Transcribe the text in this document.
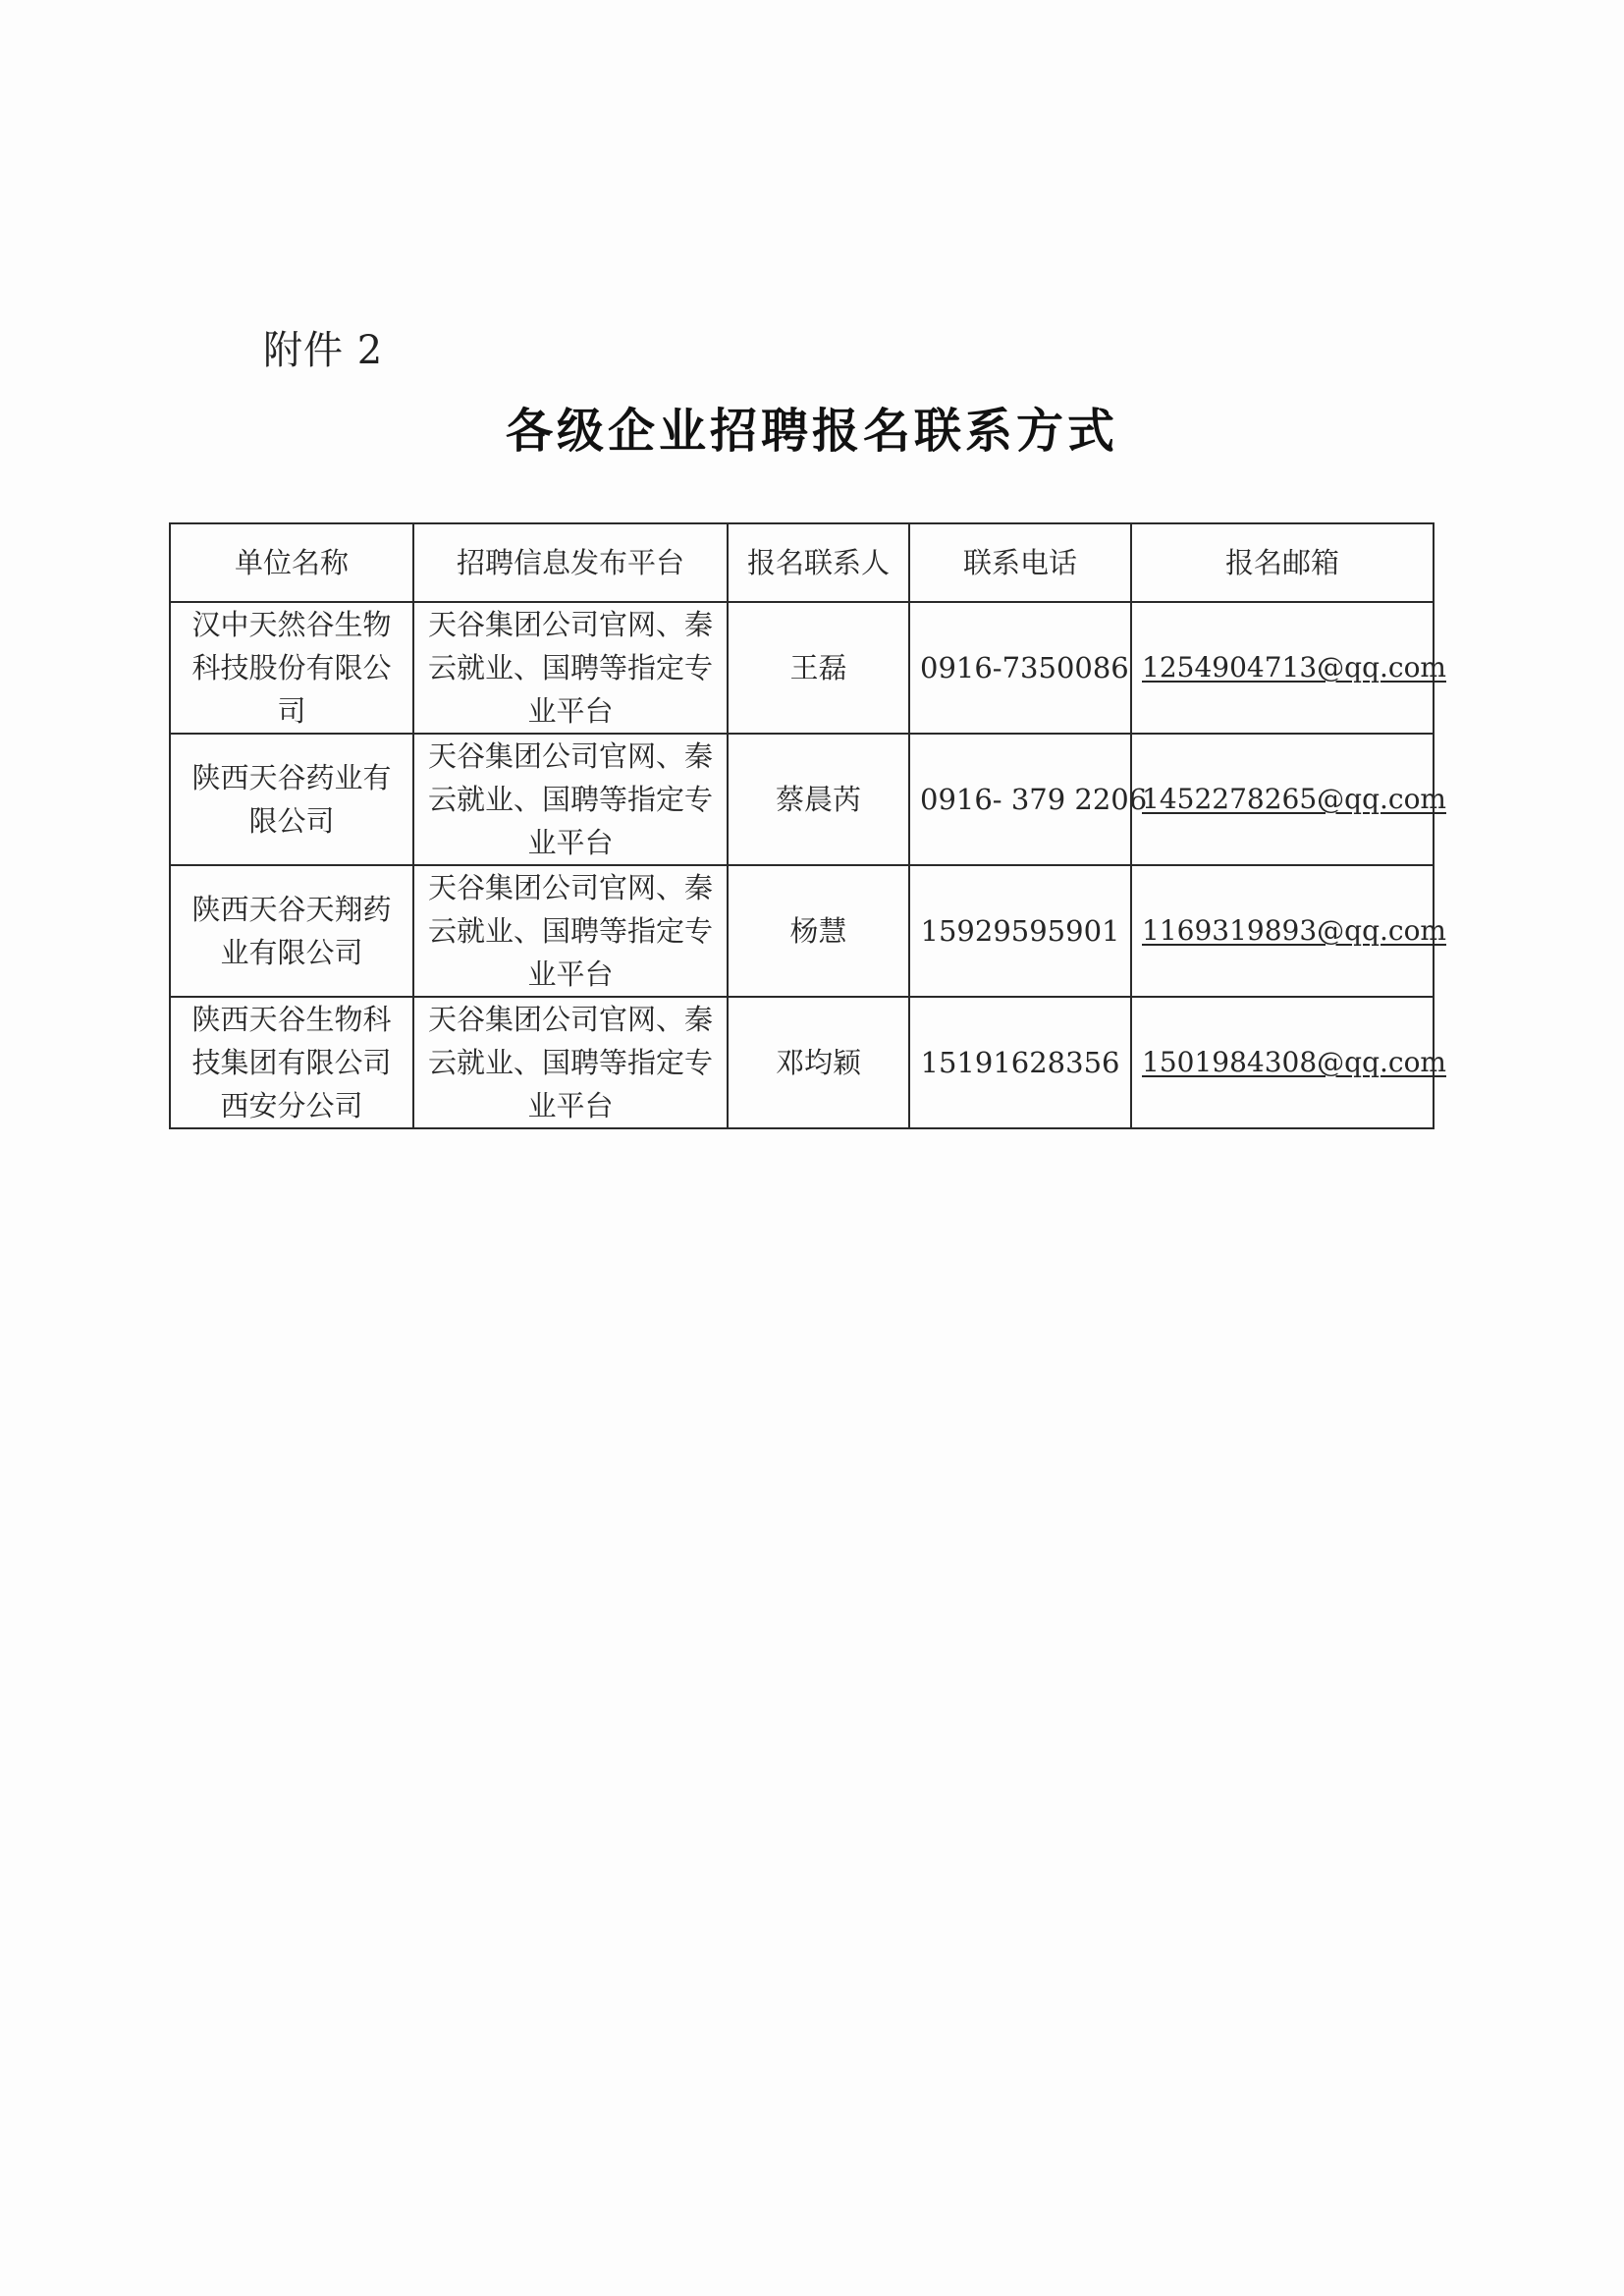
附件 2
各级企业招聘报名联系方式
单位名称	招聘信息发布平台	报名联系人	联系电话	报名邮箱
汉中天然谷生物科技股份有限公司	天谷集团公司官网、秦云就业、国聘等指定专业平台	王磊	0916-7350086	1254904713@qq.com
陕西天谷药业有限公司	天谷集团公司官网、秦云就业、国聘等指定专业平台	蔡晨芮	0916- 379 2206	1452278265@qq.com
陕西天谷天翔药业有限公司	天谷集团公司官网、秦云就业、国聘等指定专业平台	杨慧	15929595901	1169319893@qq.com
陕西天谷生物科技集团有限公司西安分公司	天谷集团公司官网、秦云就业、国聘等指定专业平台	邓均颖	15191628356	1501984308@qq.com
